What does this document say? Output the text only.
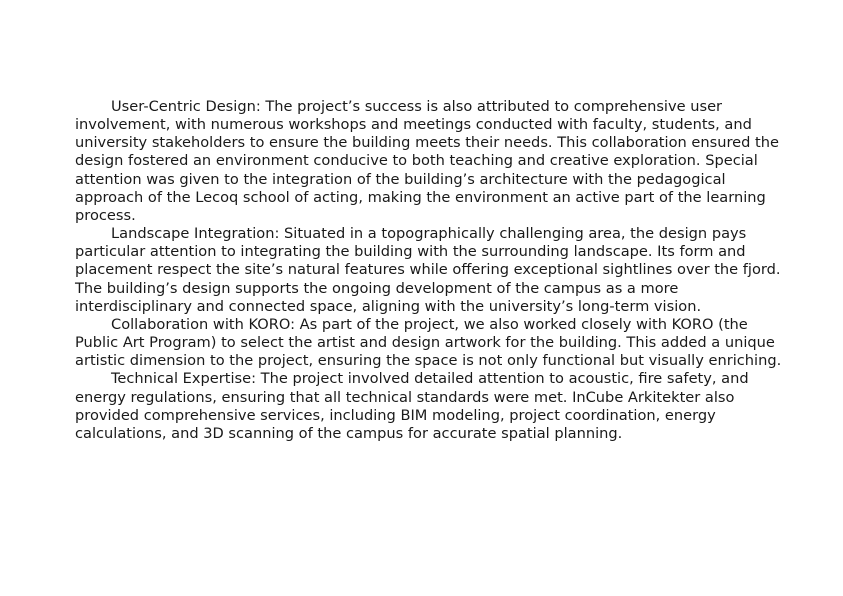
User-Centric Design: The project’s success is also attributed to comprehensive user involvement, with numerous workshops and meetings conducted with faculty, students, and university stakeholders to ensure the building meets their needs. This collaboration ensured the design fostered an environment conducive to both teaching and creative exploration. Special attention was given to the integration of the building’s architecture with the pedagogical approach of the Lecoq school of acting, making the environment an active part of the learning process.

Landscape Integration: Situated in a topographically challenging area, the design pays particular attention to integrating the building with the surrounding landscape. Its form and placement respect the site’s natural features while offering exceptional sightlines over the fjord. The building’s design supports the ongoing development of the campus as a more interdisciplinary and connected space, aligning with the university’s long-term vision.

Collaboration with KORO: As part of the project, we also worked closely with KORO (the Public Art Program) to select the artist and design artwork for the building. This added a unique artistic dimension to the project, ensuring the space is not only functional but visually enriching.

Technical Expertise: The project involved detailed attention to acoustic, fire safety, and energy regulations, ensuring that all technical standards were met. InCube Arkitekter also provided comprehensive services, including BIM modeling, project coordination, energy calculations, and 3D scanning of the campus for accurate spatial planning.
